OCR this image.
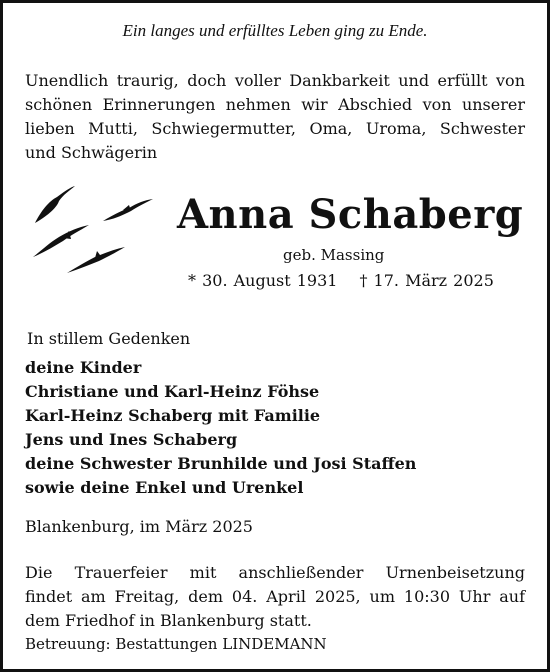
Ein langes und erfülltes Leben ging zu Ende.
Unendlich traurig, doch voller Dankbarkeit und erfüllt von
schönen Erinnerungen nehmen wir Abschied von unserer
lieben Mutti, Schwiegermutter, Oma, Uroma, Schwester
und Schwägerin
Anna Schaberg
geb. Massing
* 30. August 1931 † 17. März 2025
In stillem Gedenken
deine Kinder
Christiane und Karl-Heinz Föhse
Karl-Heinz Schaberg mit Familie
Jens und Ines Schaberg
deine Schwester Brunhilde und Josi Staffen
sowie deine Enkel und Urenkel
Blankenburg, im März 2025
Die Trauerfeier mit anschließender Urnenbeisetzung
findet am Freitag, dem 04. April 2025, um 10:30 Uhr auf
dem Friedhof in Blankenburg statt.
Betreuung: Bestattungen LINDEMANN
